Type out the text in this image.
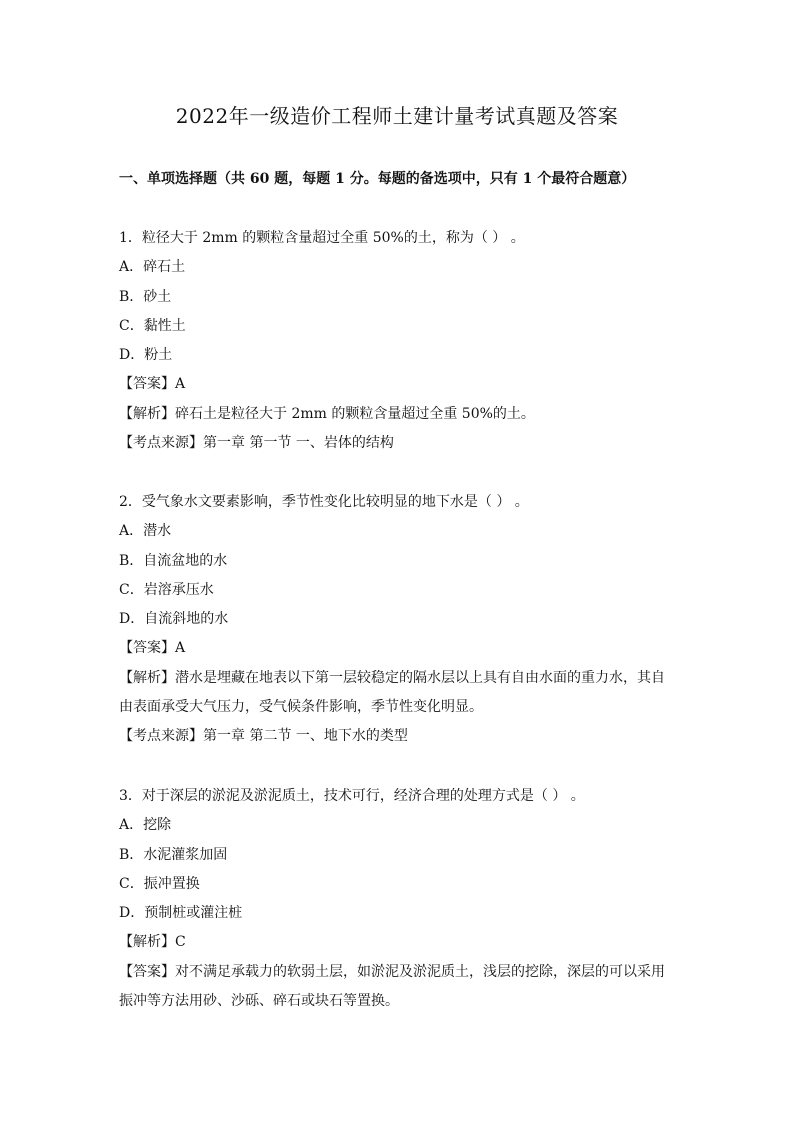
2022年一级造价工程师土建计量考试真题及答案
一、单项选择题（共 60 题，每题 1 分。每题的备选项中，只有 1 个最符合题意）
1．粒径大于 2mm 的颗粒含量超过全重 50%的土，称为（ ） 。
A．碎石土
B．砂土
C．黏性土
D．粉土
【答案】A
【解析】碎石土是粒径大于 2mm 的颗粒含量超过全重 50%的土。
【考点来源】第一章 第一节 一、岩体的结构
2．受气象水文要素影响，季节性变化比较明显的地下水是（ ） 。
A．潜水
B．自流盆地的水
C．岩溶承压水
D．自流斜地的水
【答案】A
【解析】潜水是埋藏在地表以下第一层较稳定的隔水层以上具有自由水面的重力水，其自
由表面承受大气压力，受气候条件影响，季节性变化明显。
【考点来源】第一章 第二节 一、地下水的类型
3．对于深层的淤泥及淤泥质土，技术可行，经济合理的处理方式是（ ） 。
A．挖除
B．水泥灌浆加固
C．振冲置换
D．预制桩或灌注桩
【解析】C
【答案】对不满足承载力的软弱土层，如淤泥及淤泥质土，浅层的挖除，深层的可以采用
振冲等方法用砂、沙砾、碎石或块石等置换。
